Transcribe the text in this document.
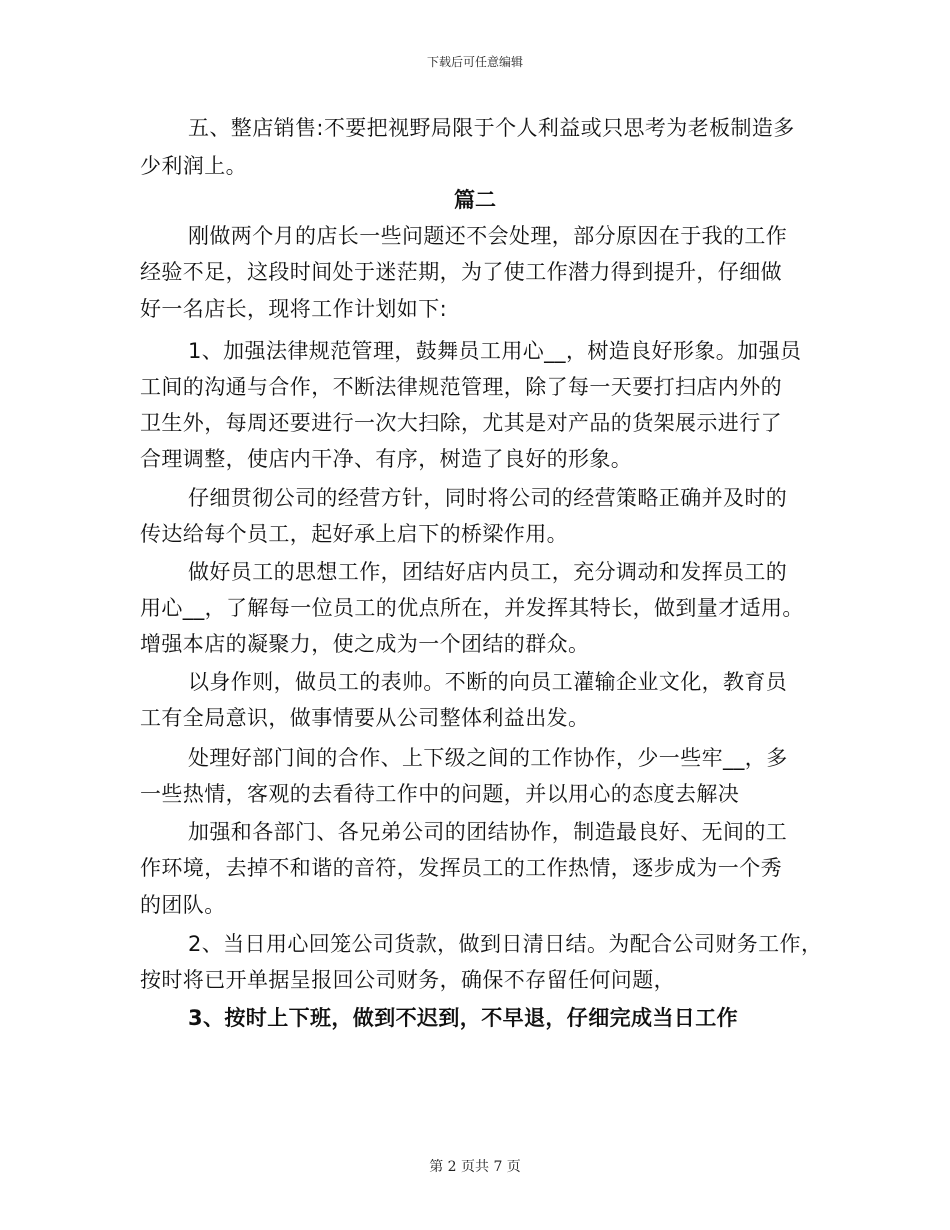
下载后可任意编辑
五、整店销售:不要把视野局限于个人利益或只思考为老板制造多
少利润上。
篇二
刚做两个月的店长一些问题还不会处理，部分原因在于我的工作
经验不足，这段时间处于迷茫期，为了使工作潜力得到提升，仔细做
好一名店长，现将工作计划如下:
1、加强法律规范管理，鼓舞员工用心__，树造良好形象。加强员
工间的沟通与合作，不断法律规范管理，除了每一天要打扫店内外的
卫生外，每周还要进行一次大扫除，尤其是对产品的货架展示进行了
合理调整，使店内干净、有序，树造了良好的形象。
仔细贯彻公司的经营方针，同时将公司的经营策略正确并及时的
传达给每个员工，起好承上启下的桥梁作用。
做好员工的思想工作，团结好店内员工，充分调动和发挥员工的
用心__，了解每一位员工的优点所在，并发挥其特长，做到量才适用。
增强本店的凝聚力，使之成为一个团结的群众。
以身作则，做员工的表帅。不断的向员工灌输企业文化，教育员
工有全局意识，做事情要从公司整体利益出发。
处理好部门间的合作、上下级之间的工作协作，少一些牢__，多
一些热情，客观的去看待工作中的问题，并以用心的态度去解决
加强和各部门、各兄弟公司的团结协作，制造最良好、无间的工
作环境，去掉不和谐的音符，发挥员工的工作热情，逐步成为一个秀
的团队。
2、当日用心回笼公司货款，做到日清日结。为配合公司财务工作，
按时将已开单据呈报回公司财务，确保不存留任何问题，
3、按时上下班，做到不迟到，不早退，仔细完成当日工作
第 2 页共 7 页
